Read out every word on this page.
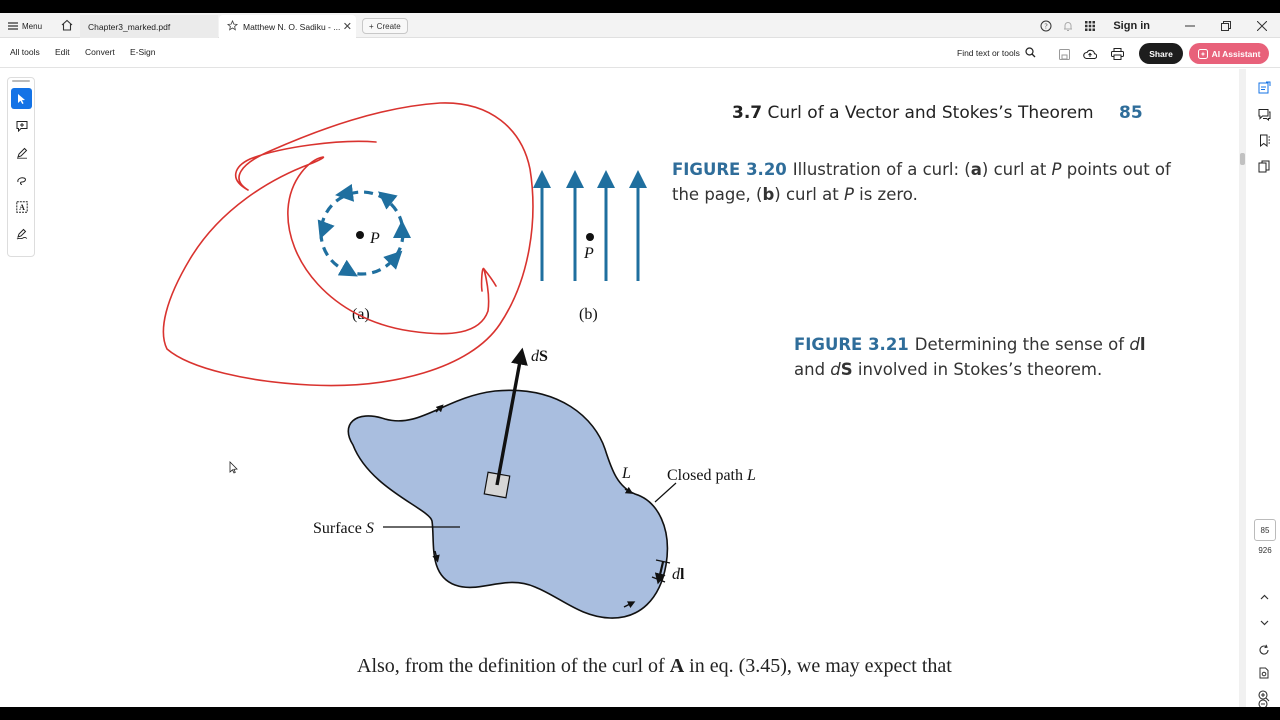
Menu	Chapter3_marked.pdf	Matthew N. O. Sadiku - ... ✕ + Create	?	Sign in
All tools Edit Convert E-Sign	Find text or tools	Share	AI Assistant
A
85
926
3.7 Curl of a Vector and Stokes’s Theorem 85
FIGURE 3.20 Illustration of a curl: (a) curl at P points out of the page, (b) curl at P is zero.
FIGURE 3.21 Determining the sense of dl and dS involved in Stokes’s theorem.
P
(a)
P
(b)
dS
L Closed path L
Surface S
dl
Also, from the definition of the curl of A in eq. (3.45), we may expect that
